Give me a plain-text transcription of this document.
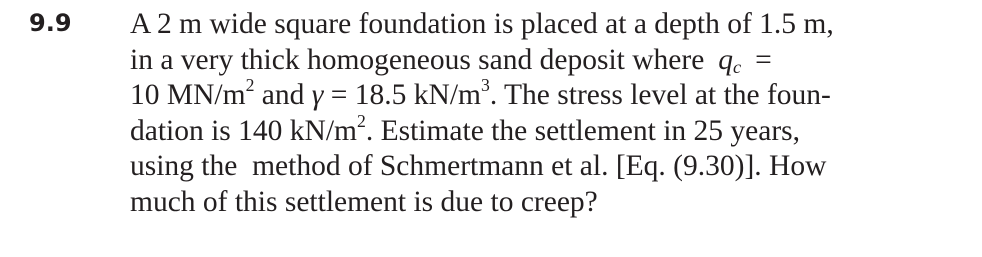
9.9 A 2 m wide square foundation is placed at a depth of 1.5 m,
in a very thick homogeneous sand deposit where qc =
10 $MN/m^2$ and γ = 18.5 $kN/m^3$. The stress level at the foun-
dation is 140 $kN/m^2$. Estimate the settlement in 25 years,
using the  method of Schmertmann et al. [Eq. (9.30)]. How
much of this settlement is due to creep?
